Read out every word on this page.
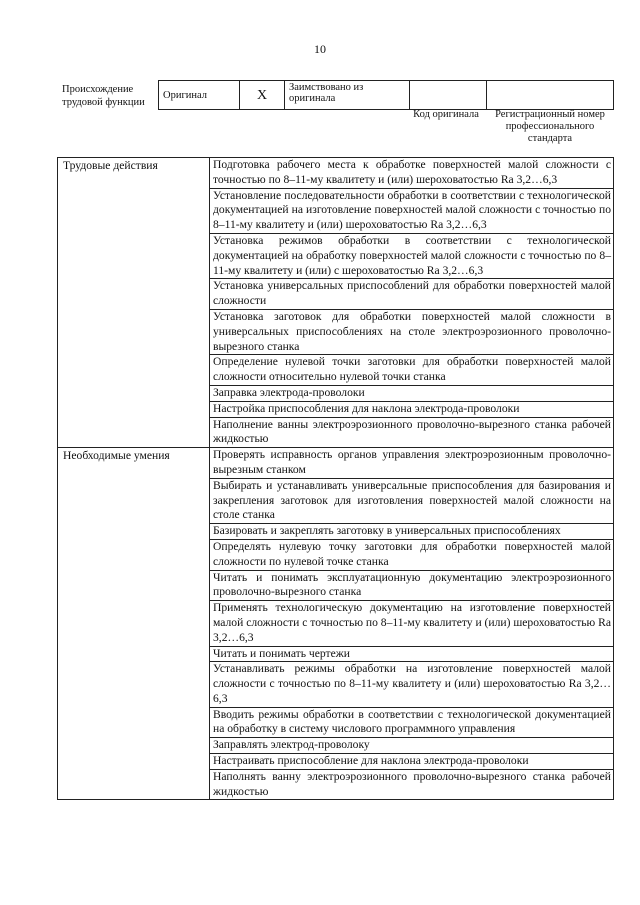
10
Происхождение трудовой функции
Оригинал	X	Заимствовано из оригинала		
Код оригинала	Регистрационный номер профессионального стандарта
Трудовые действия	Подготовка рабочего места к обработке поверхностей малой сложности с точностью по 8–11-му квалитету и (или) шероховатостью Ra 3,2…6,3
	Установление последовательности обработки в соответствии с технологической документацией на изготовление поверхностей малой сложности с точностью по 8–11-му квалитету и (или) шероховатостью Ra 3,2…6,3
	Установка режимов обработки в соответствии с технологической документацией на обработку поверхностей малой сложности с точностью по 8–11-му квалитету и (или) с шероховатостью Ra 3,2…6,3
	Установка универсальных приспособлений для обработки поверхностей малой сложности
	Установка заготовок для обработки поверхностей малой сложности в универсальных приспособлениях на столе электроэрозионного проволочно-вырезного станка
	Определение нулевой точки заготовки для обработки поверхностей малой сложности относительно нулевой точки станка
	Заправка электрода-проволоки
	Настройка приспособления для наклона электрода-проволоки
	Наполнение ванны электроэрозионного проволочно-вырезного станка рабочей жидкостью
Необходимые умения	Проверять исправность органов управления электроэрозионным проволочно-вырезным станком
	Выбирать и устанавливать универсальные приспособления для базирования и закрепления заготовок для изготовления поверхностей малой сложности на столе станка
	Базировать и закреплять заготовку в универсальных приспособлениях
	Определять нулевую точку заготовки для обработки поверхностей малой сложности по нулевой точке станка
	Читать и понимать эксплуатационную документацию электроэрозионного проволочно-вырезного станка
	Применять технологическую документацию на изготовление поверхностей малой сложности с точностью по 8–11-му квалитету и (или) шероховатостью Ra 3,2…6,3
	Читать и понимать чертежи
	Устанавливать режимы обработки на изготовление поверхностей малой сложности с точностью по 8–11-му квалитету и (или) шероховатостью Ra 3,2… 6,3
	Вводить режимы обработки в соответствии с технологической документацией на обработку в систему числового программного управления
	Заправлять электрод-проволоку
	Настраивать приспособление для наклона электрода-проволоки
	Наполнять ванну электроэрозионного проволочно-вырезного станка рабочей жидкостью
